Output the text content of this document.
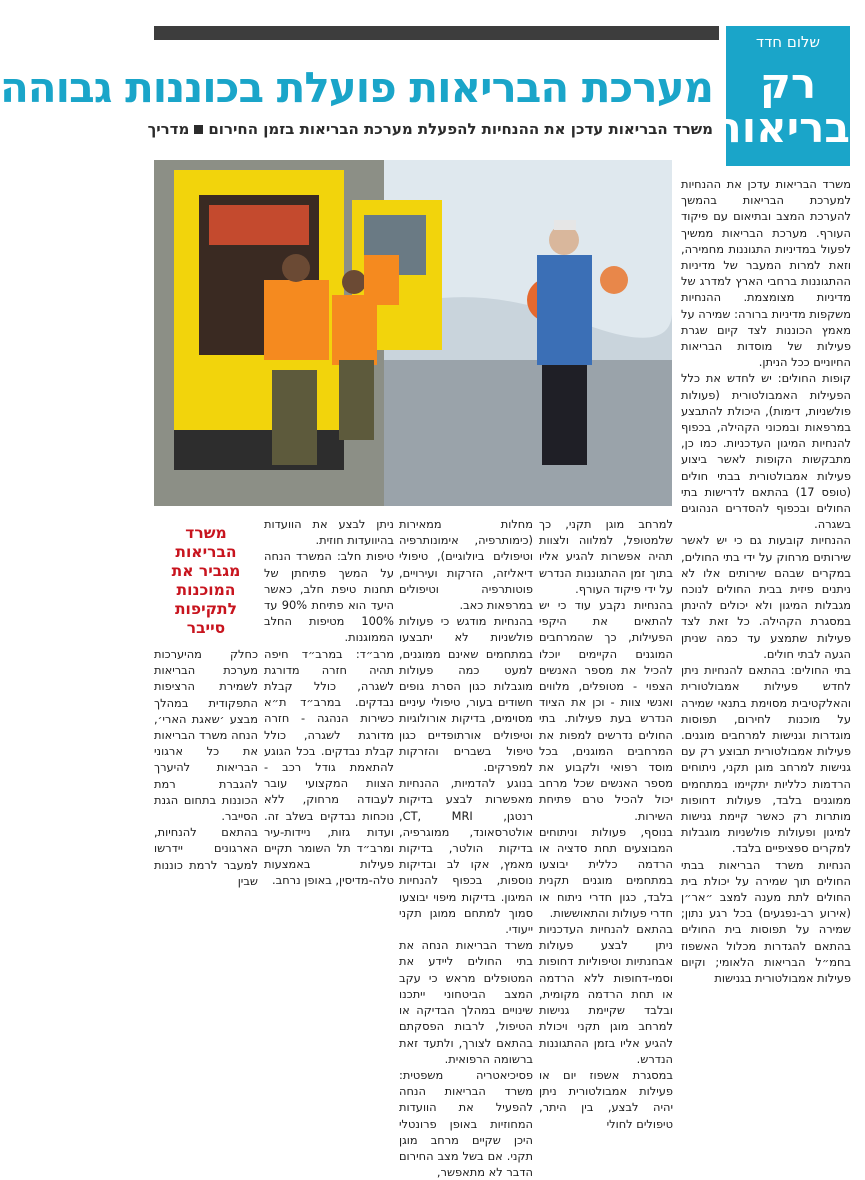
שלום חדד
רק
בריאות
מערכת הבריאות פועלת בכוננות גבוהה
משרד הבריאות עדכן את ההנחיות להפעלת מערכת הבריאות בזמן החירוםמדריך

משרד הבריאות עדכן את ההנחיות למערכת הבריאות בהמשך להערכת המצב ובתיאום עם פיקוד העורף. מערכת הבריאות ממשיך לפעול במדיניות התגוננות מחמירה, וזאת למרות המעבר של מדיניות ההתגוננות ברחבי הארץ למדרג של מדיניות מצומצמת. ההנחיות משקפות מדיניות ברורה: שמירה על מאמץ הכוננות לצד קיום שגרת פעילות של מוסדות הבריאות החיוניים ככל הניתן.

קופות החולים: יש לחדש את כלל הפעילות האמבולטורית (פעולות פולשניות, דימות), היכולת להתבצע במרפאות ובמכוני הקהילה, בכפוף להנחיות המיגון העדכניות. כמו כן, מתבקשות הקופות לאשר ביצוע פעילות אמבולטורית בבתי חולים (טופס 17) בהתאם לדרישות בתי החולים ובכפוף להסדרים הנהוגים בשגרה.

ההנחיות קובעות גם כי יש לאשר שירותים מרחוק על ידי בתי החולים, במקרים שבהם שירותים אלו לא ניתנים פיזית בבית החולים לנוכח מגבלות המיגון ולא יכולים להינתן במסגרת הקהילה. כל זאת לצד פעילות שתמצע עד כמה שניתן הגעה לבתי חולים.

בתי החולים: בהתאם להנחיות ניתן לחדש פעילות אמבולטורית והאלקטיבית מסוימת בתנאי שמירה על מוכנות לחירום, תפוסות מוגדרות וגנישות למרחבים מוגנים. פעילות אמבולטורית תבוצע רק עם גנישות למרחב מוגן תקני, ניתוחים הרדמות כלליות יתקיימו במתחמים ממוגנים בלבד, פעולות דחופות מותרות רק כאשר קיימת גנישות למיגון ופעולות פולשניות מוגבלות למקרים ספציפיים בלבד.

הנחיות משרד הבריאות בבתי החולים תוך שמירה על יכולת בית החולים לתת מענה למצב ״אר״ן (אירוע רב-נפגעים) בכל רגע נתון; שמירה על תפוסות בית החולים בהתאם להגדרות מכלול האשפוז בחמ״ל הבריאות הלאומי; וקיום פעילות אמבולטורית בגנישות

למרחב מוגן תקני, כך שלמטופל, למלווה ולצוות תהיה אפשרות להגיע אליו בתוך זמן ההתגוננות הנדרש על ידי פיקוד העורף.

בהנחיות נקבע עוד כי יש להתאים את היקפי הפעילות, כך שהמרחבים המוגנים הקיימים יוכלו להכיל את מספר האנשים הצפוי - מטופלים, מלווים ואנשי צוות - וכן את הציוד הנדרש בעת פעילות. בתי החולים נדרשים למפות את המרחבים המוגנים, בכל מוסד רפואי ולקבוע את מספר האנשים שכל מרחב יכול להכיל טרם פתיחת השירות.

בנוסף, פעולות וניתוחים המבוצעים תחת סדציה או הרדמה כללית יבוצעו במתחמים מוגנים תקנית בלבד, כגון חדרי ניתוח או חדרי פעולות והתאוששות.

בהתאם להנחיות העדכניות ניתן לבצע פעולות אבחנתיות וטיפוליות דחופות וסמי-דחופות ללא הרדמה או תחת הרדמה מקומית, ובלבד שקיימת גנישות למרחב מוגן תקני ויכולת להגיע אליו בזמן ההתגוננות הנדרש.

במסגרת אשפוז יום או פעילות אמבולטורית ניתן יהיה לבצע, בין היתר, טיפולים לחולי

מחלות ממאירות (כימותרפיה, אימונותרפיה וטיפולים ביולוגיים), טיפולי דיאליזה, הזרקות ועירויים, פוטותרפיה וטיפולים במרפאות כאב.

בהנחיות מודגש כי פעולות פולשניות לא יתבצעו במתחמים שאינם ממוגנים, למעט כמה פעולות מוגבלות כגון הסרת גופים חשודים בעור, טיפולי עיניים מסוימים, בדיקות אורולוגיות וטיפולים אורתופדיים כגון טיפול בשברים והזרקות למפרקים.

בנוגע להדמיות, ההנחיות מאפשרות לבצע בדיקות רנטגן, CT, MRI, אולטרסאונד, ממוגרפיה, בדיקות הולטר, בדיקות מאמץ, אקו לב ובדיקות נוספות, בכפוף להנחיות המיגון. בדיקות מיפוי יבוצעו סמוך למתחם ממוגן תקני ייעודי.

משרד הבריאות הנחה את בתי החולים ליידע את המטופלים מראש כי עקב המצב הביטחוני ייתכנו שינויים במהלך הבדיקה או הטיפול, לרבות הפסקתם בהתאם לצורך, ולתעד זאת ברשומה הרפואית.

פסיכיאטריה משפטית: משרד הבריאות הנחה להפעיל את הוועדות המחוזיות באופן פרונטלי היכן שקיים מרחב מוגן תקני. אם בשל מצב החירום הדבר לא מתאפשר,

ניתן לבצע את הוועדות בהיוועדות חוזית.

טיפות חלב: המשרד הנחה על המשך פתיחתן של תחנות טיפת חלב, כאשר היעד הוא פתיחת 90% עד 100% מטיפות החלב הממוגנות.

מרב״ד: במרב״ד חיפה תהיה חזרה מדורגת לשגרה, כולל קבלת נבדקים. במרב״ד ת״א כשירות הנהגה - חזרה מדורגת לשגרה, כולל קבלת נבדקים. בכל הגוגע להתאמת גודל רכב - הצוות המקצועי עובר לעבודה מרחוק, ללא נוכחות נבדקים בשלב זה. ועדות גזות, ניידות-עיר ומרב״ד תל השומר תקיים פעילות באמצעות טלה-מדיסין, באופן נרחב.

משרד הבריאות מגביר את המוכנות לתקיפות סייבר

כחלק מהיערכות מערכת הבריאות לשמירת הרציפות התפקודית במהלך מבצע ׳שאגת הארי׳, הנחה משרד הבריאות את כל ארגוני הבריאות להיערך להגברת רמת הכוננות בתחום הגנת הסייבר.

בהתאם להנחיות, הארגונים יידרשו למעבר לרמת כוננות שבין
